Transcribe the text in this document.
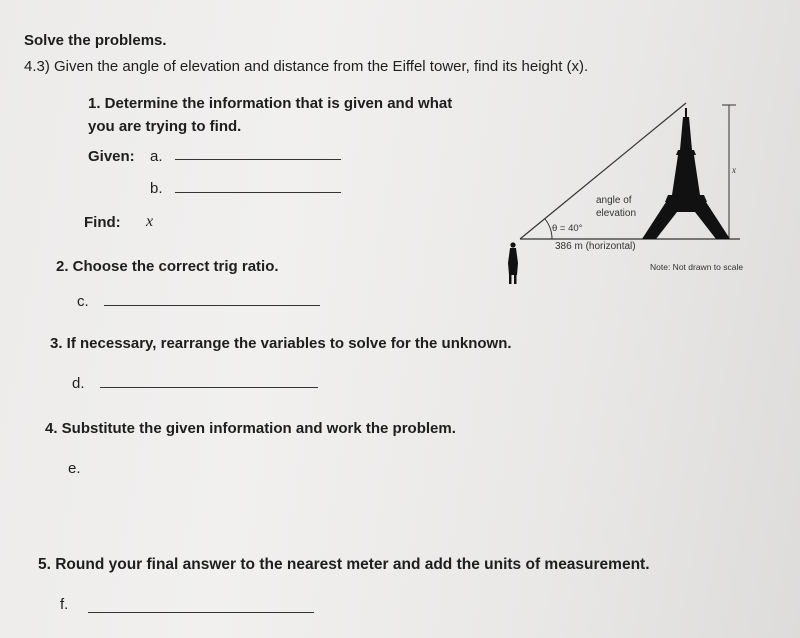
Solve the problems.
4.3) Given the angle of elevation and distance from the Eiffel tower, find its height (x).
1. Determine the information that is given and what
you are trying to find.
Given: a.
b.
Find: x
2. Choose the correct trig ratio.
c.
3. If necessary, rearrange the variables to solve for the unknown.
d.
4. Substitute the given information and work the problem.
e.
5. Round your final answer to the nearest meter and add the units of measurement.
f.
x
θ = 40°
angle of
elevation
386 m (horizontal)
Note: Not drawn to scale
